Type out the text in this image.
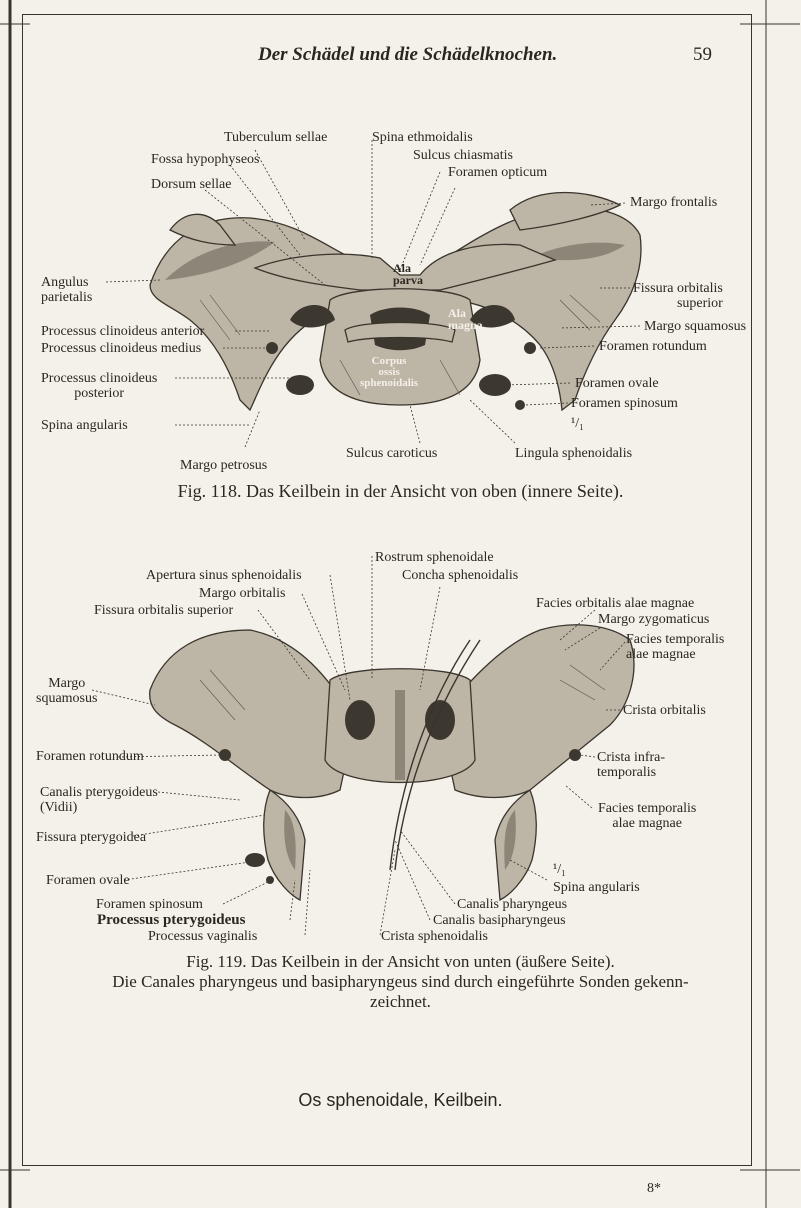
Der Schädel und die Schädelknochen.	59
Corpus
ossis
sphenoidalis
Ala
parva
Ala
magna
Tuberculum sellae
Fossa hypophyseos
Dorsum sellae
Spina ethmoidalis
Sulcus chiasmatis
Foramen opticum
Margo frontalis
Angulus
parietalis
Fissura orbitalis
superior
Margo squamosus
Foramen rotundum
Processus clinoideus anterior
Processus clinoideus medius
Processus clinoideus
posterior
Foramen ovale
Foramen spinosum
¹/₁
Spina angularis
Sulcus caroticus	Lingula sphenoidalis
Margo petrosus
Fig. 118. Das Keilbein in der Ansicht von oben (innere Seite).
Rostrum sphenoidale
Concha sphenoidalis
Apertura sinus sphenoidalis
Margo orbitalis
Fissura orbitalis superior	Facies orbitalis alae magnae
Margo zygomaticus
Facies temporalis
alae magnae
Margo
squamosus
Crista orbitalis
Foramen rotundum	Crista infra-
temporalis
Canalis pterygoideus
(Vidii)	Facies temporalis
alae magnae
Fissura pterygoidea
¹/₁
Foramen ovale	Spina angularis
Foramen spinosum	Canalis pharyngeus
Processus pterygoideus	Canalis basipharyngeus
Processus vaginalis	Crista sphenoidalis
Fig. 119. Das Keilbein in der Ansicht von unten (äußere Seite).
Die Canales pharyngeus und basipharyngeus sind durch eingeführte Sonden gekenn-
zeichnet.
Os sphenoidale, Keilbein.
8*
